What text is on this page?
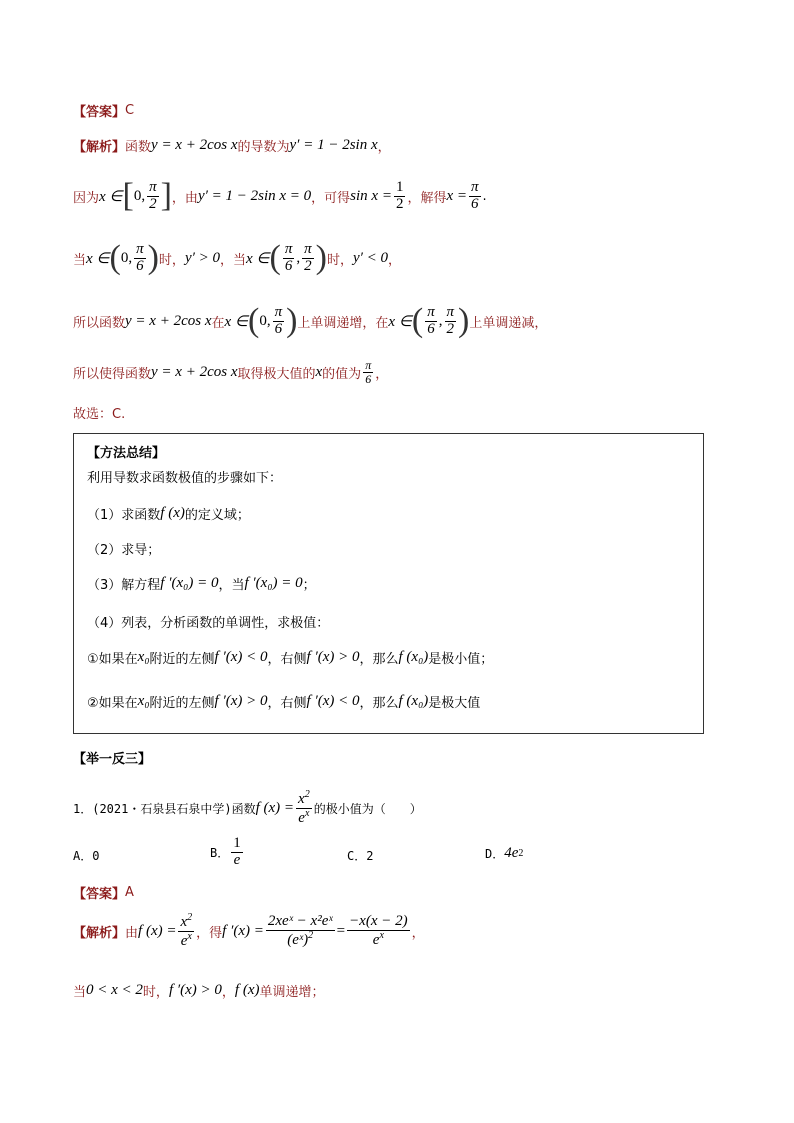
【答案】 C
【解析】 函数 y = x + 2cos x 的导数为 y′ = 1 − 2sin x ，
因为 x ∈ [ 0, $\frac{\pi}{2}$ ] ，由 y′ = 1 − 2sin x = 0 ，可得 $\sin x = \frac{1}{2}$ ，解得 $x = \frac{\pi}{6}$ .
当 x ∈ ( 0, $\frac{\pi}{6}$ ) 时， y′ > 0 ，当 x ∈ ( $\frac{\pi}{6}$ , $\frac{\pi}{2}$ ) 时， y′ < 0 ，
所以函数 y = x + 2cos x 在 x ∈ ( 0, $\frac{\pi}{6}$ ) 上单调递增，在 x ∈ ( $\frac{\pi}{6}$ , $\frac{\pi}{2}$ ) 上单调递减，
所以使得函数 y = x + 2cos x 取得极大值的 x 的值为 $\frac{\pi}{6}$ ，
故选：C.
【方法总结】
利用导数求函数极值的步骤如下：
（1）求函数 f (x) 的定义域；
（2）求导；
（3）解方程 f ′(x₀) = 0 ，当 f ′(x₀) = 0 ；
（4）列表，分析函数的单调性，求极值：
①如果在 x₀ 附近的左侧 f ′(x) < 0 ，右侧 f ′(x) > 0 ，那么 f (x₀) 是极小值；
②如果在 x₀ 附近的左侧 f ′(x) > 0 ，右侧 f ′(x) < 0 ，那么 f (x₀) 是极大值
【举一反三】
1．(2021・石泉县石泉中学)函数 f $(x) = \frac{x^2}{e^x}$ 的极小值为（　　）
A．0	B． $\frac{1}{e}$	C．2	D． 4e 2
【答案】 A
【解析】 由 f $(x) = \frac{x^2}{e^x}$ ，得 f $'(x) = \frac{\text{2xeˣ − x²eˣ}}{(eˣ)^2} = \frac{-x(x - 2)}{e^x}$ ，
当 0 < x < 2 时， f ′(x) > 0 ， f (x) 单调递增；
